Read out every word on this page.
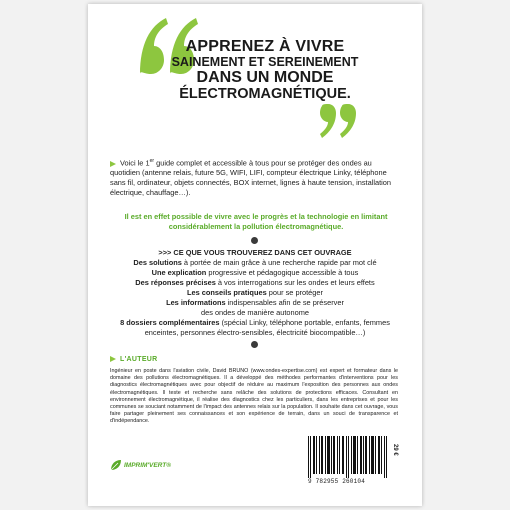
APPRENEZ À VIVRE
SAINEMENT ET SEREINEMENT
DANS UN MONDE
ÉLECTROMAGNÉTIQUE.
Voici le 1er guide complet et accessible à tous pour se protéger des ondes au quotidien (antenne relais, future 5G, WIFI, LIFI, compteur électrique Linky, téléphone sans fil, ordinateur, objets connectés, BOX internet, lignes à haute tension, installation électrique, chauffage…).
Il est en effet possible de vivre avec le progrès et la technologie en limitant considérablement la pollution électromagnétique.
>>> CE QUE VOUS TROUVEREZ DANS CET OUVRAGE
Des solutions à portée de main grâce à une recherche rapide par mot clé
Une explication progressive et pédagogique accessible à tous
Des réponses précises à vos interrogations sur les ondes et leurs effets
Les conseils pratiques pour se protéger
Les informations indispensables afin de se préserver
des ondes de manière autonome
8 dossiers complémentaires (spécial Linky, téléphone portable, enfants, femmes enceintes, personnes électro-sensibles, électricité biocompatible…)
L'AUTEUR
Ingénieur en poste dans l'aviation civile, David BRUNO (www.ondes-expertise.com) est expert et formateur dans le domaine des pollutions électromagnétiques. Il a développé des méthodes performantes d'interventions pour les diagnostics électromagnétiques avec pour objectif de réduire au maximum l'exposition des personnes aux ondes électromagnétiques. Il teste et recherche sans relâche des solutions de protections efficaces. Consultant en environnement électromagnétique, il réalise des diagnostics chez les particuliers, dans les entreprises et pour les communes se souciant notamment de l'impact des antennes relais sur la population. Il souhaite dans cet ouvrage, vous faire partager pleinement ses connaissances et son expérience de terrain, dans un souci de transparence et d'indépendance.
IMPRIM'VERT®
9 782955 260104
29 €
